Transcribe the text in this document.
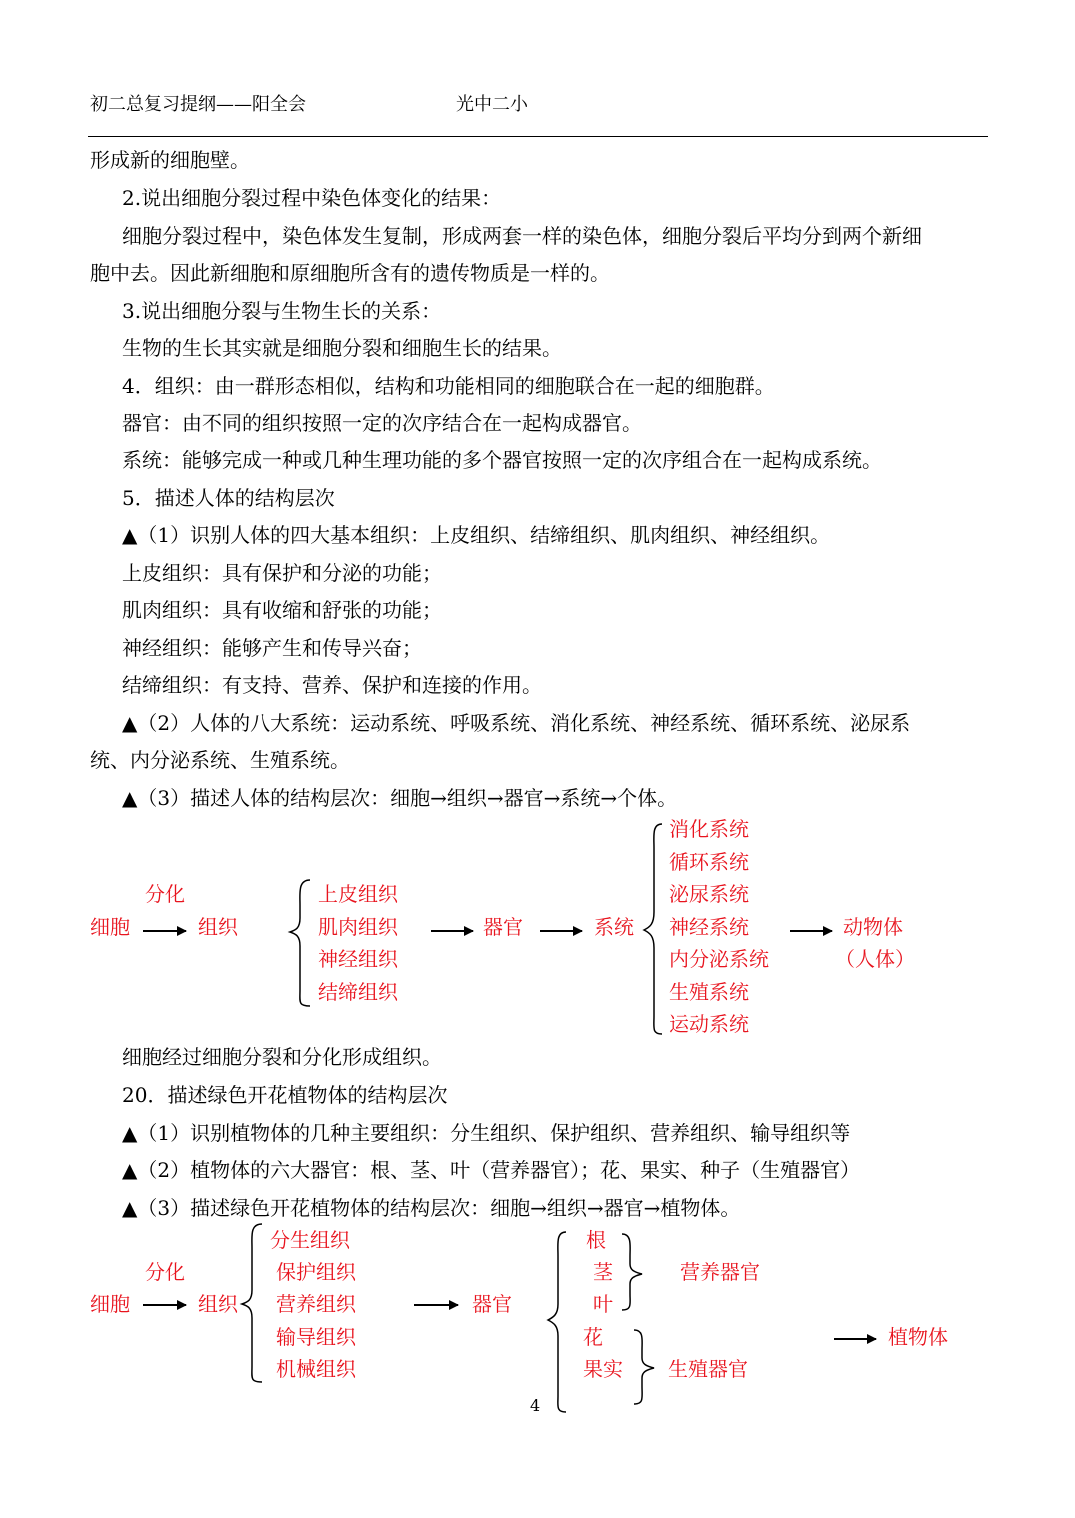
初二总复习提纲——阳全会	光中二小
形成新的细胞壁。
2.说出细胞分裂过程中染色体变化的结果：
细胞分裂过程中，染色体发生复制，形成两套一样的染色体，细胞分裂后平均分到两个新细
胞中去。因此新细胞和原细胞所含有的遗传物质是一样的。
3.说出细胞分裂与生物生长的关系：
生物的生长其实就是细胞分裂和细胞生长的结果。
4．组织：由一群形态相似，结构和功能相同的细胞联合在一起的细胞群。
器官：由不同的组织按照一定的次序结合在一起构成器官。
系统：能够完成一种或几种生理功能的多个器官按照一定的次序组合在一起构成系统。
5．描述人体的结构层次
▲（1）识别人体的四大基本组织：上皮组织、结缔组织、肌肉组织、神经组织。
上皮组织：具有保护和分泌的功能；
肌肉组织：具有收缩和舒张的功能；
神经组织：能够产生和传导兴奋；
结缔组织：有支持、营养、保护和连接的作用。
▲（2）人体的八大系统：运动系统、呼吸系统、消化系统、神经系统、循环系统、泌尿系
统、内分泌系统、生殖系统。
▲（3）描述人体的结构层次：细胞→组织→器官→系统→个体。
细胞
分化
组织
上皮组织
肌肉组织
神经组织
结缔组织
器官	系统
消化系统
循环系统
泌尿系统
神经系统
内分泌系统
生殖系统
运动系统
动物体
（人体）
细胞经过细胞分裂和分化形成组织。
20．描述绿色开花植物体的结构层次
▲（1）识别植物体的几种主要组织：分生组织、保护组织、营养组织、输导组织等
▲（2）植物体的六大器官：根、茎、叶（营养器官）；花、果实、种子（生殖器官）
▲（3）描述绿色开花植物体的结构层次：细胞→组织→器官→植物体。
细胞
分化
组织
分生组织
保护组织
营养组织
输导组织
机械组织
器官
根
茎
叶
营养器官
花
果实 生殖器官
植物体
4
